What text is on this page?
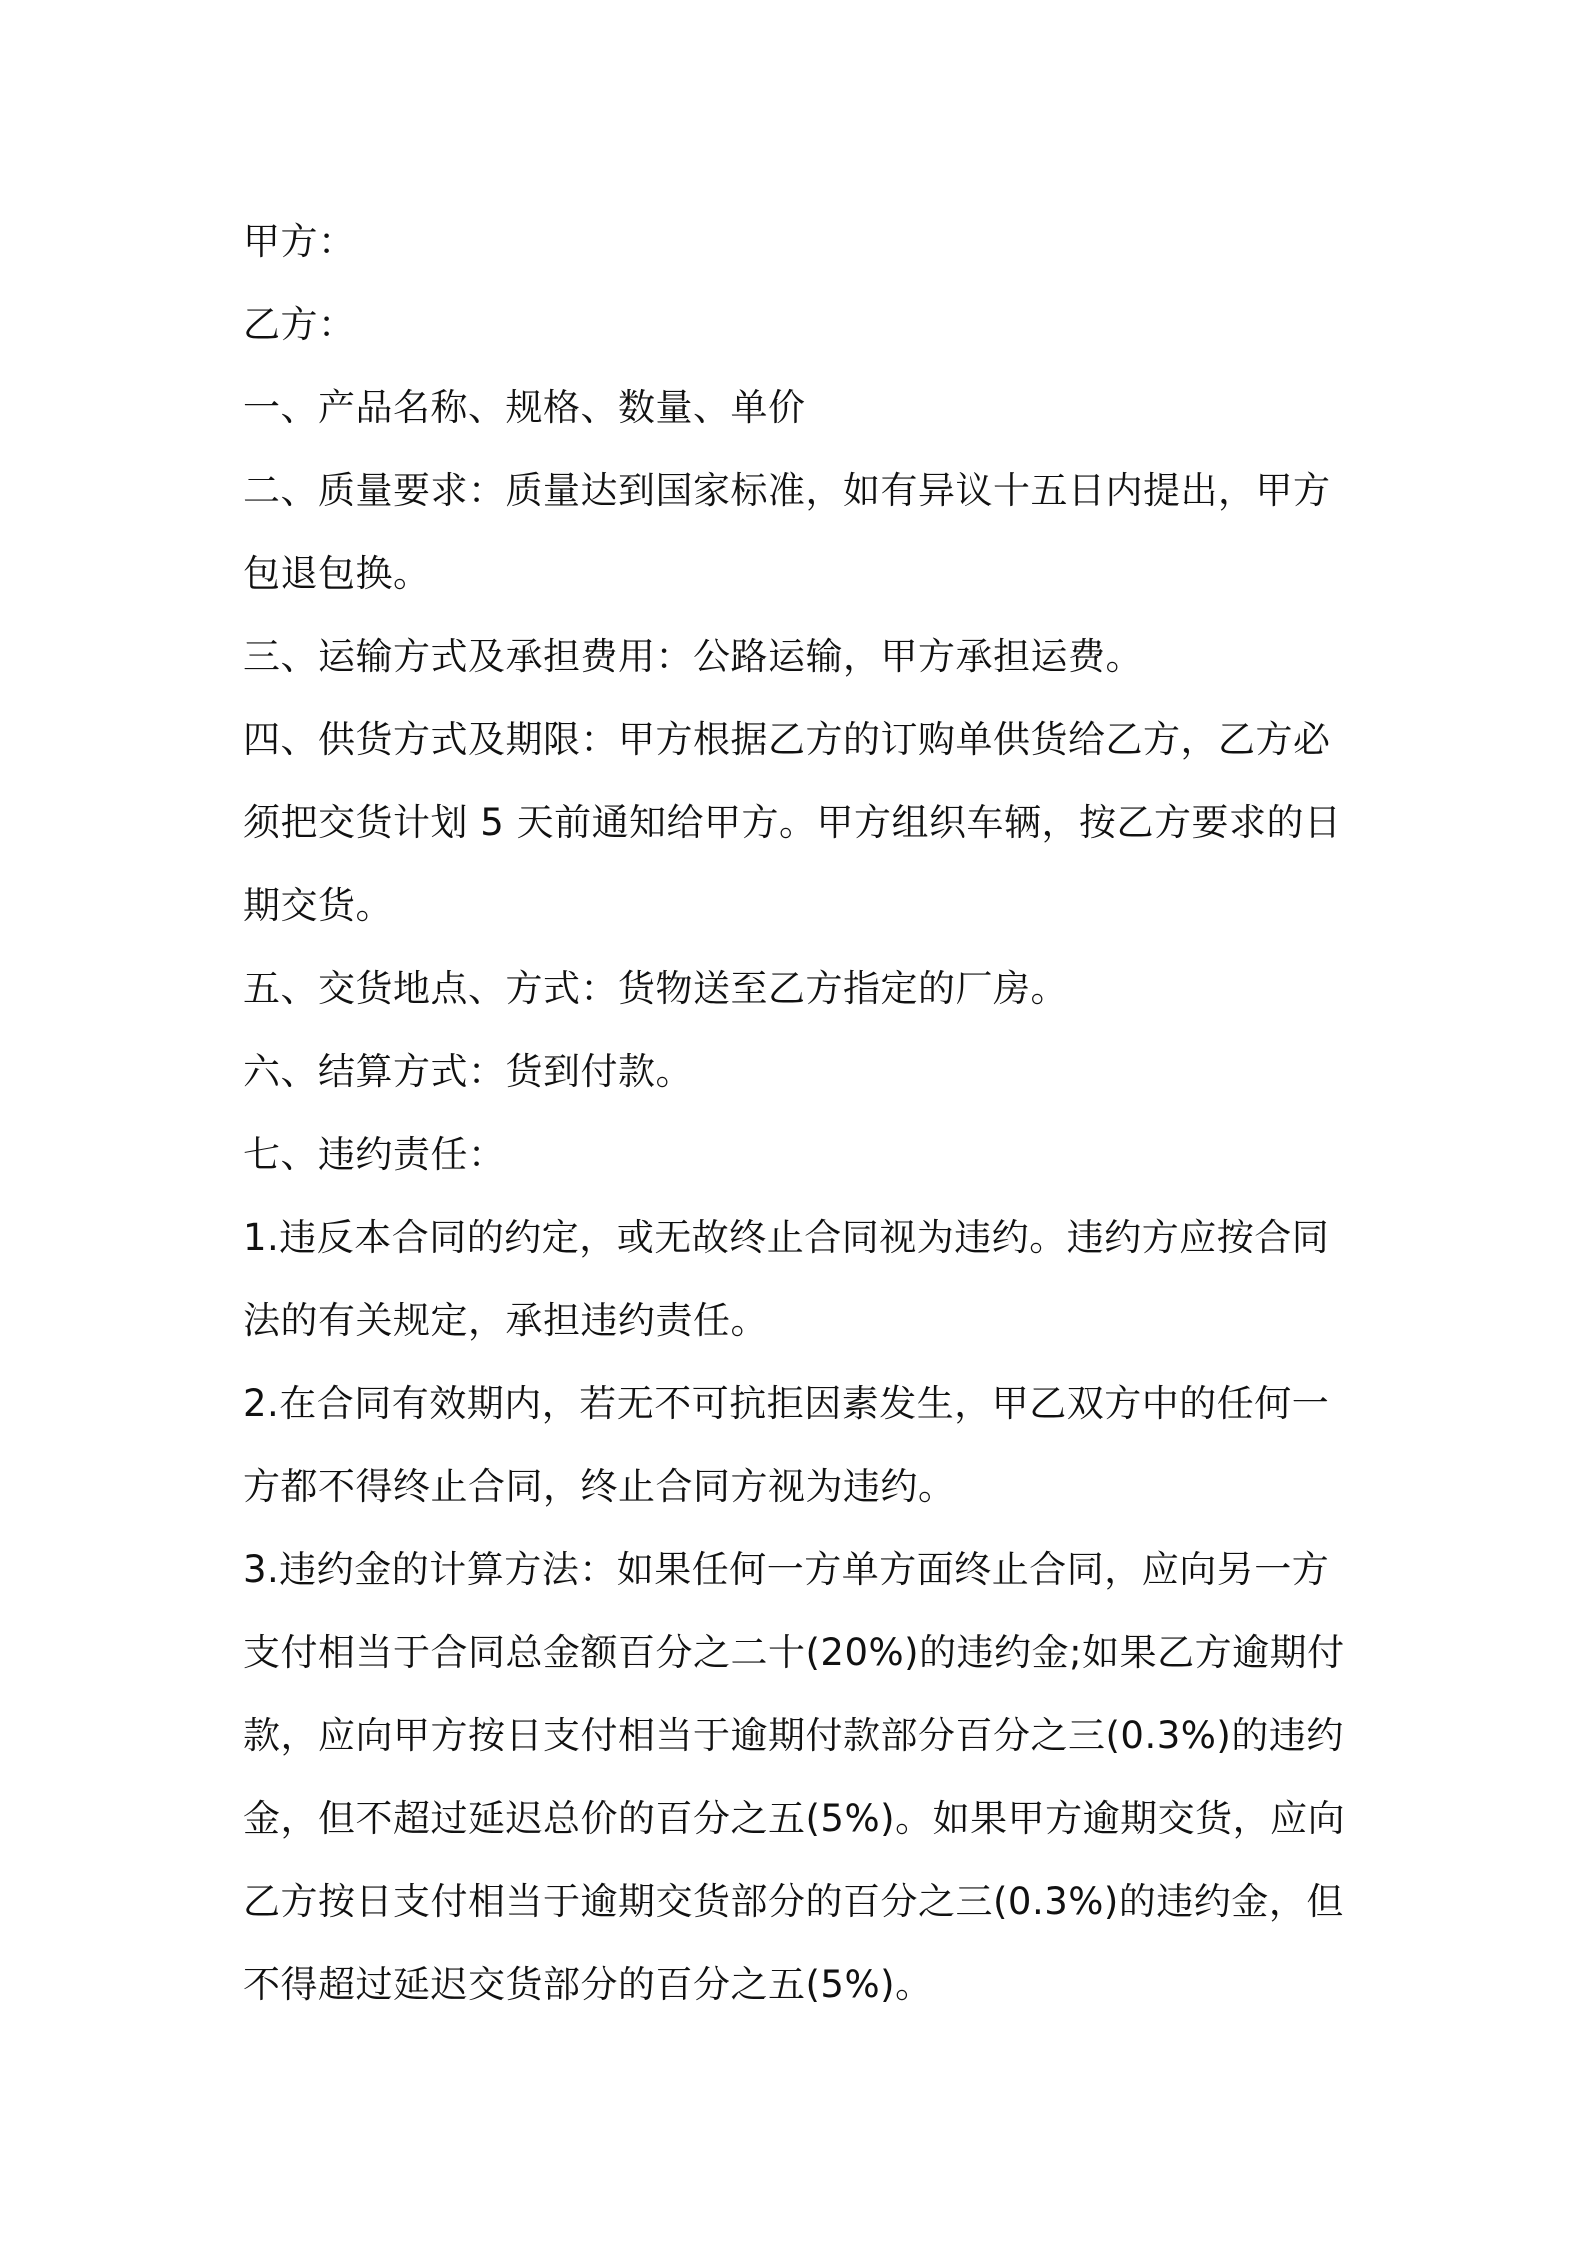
甲方：

乙方：

一、产品名称、规格、数量、单价

二、质量要求：质量达到国家标准，如有异议十五日内提出，甲方包退包换。

三、运输方式及承担费用：公路运输，甲方承担运费。

四、供货方式及期限：甲方根据乙方的订购单供货给乙方，乙方必须把交货计划 5 天前通知给甲方。甲方组织车辆，按乙方要求的日期交货。

五、交货地点、方式：货物送至乙方指定的厂房。

六、结算方式：货到付款。

七、违约责任：

1.违反本合同的约定，或无故终止合同视为违约。违约方应按合同法的有关规定，承担违约责任。

2.在合同有效期内，若无不可抗拒因素发生，甲乙双方中的任何一方都不得终止合同，终止合同方视为违约。

3.违约金的计算方法：如果任何一方单方面终止合同，应向另一方支付相当于合同总金额百分之二十(20%)的违约金;如果乙方逾期付款，应向甲方按日支付相当于逾期付款部分百分之三(0.3%)的违约金，但不超过延迟总价的百分之五(5%)。如果甲方逾期交货，应向乙方按日支付相当于逾期交货部分的百分之三(0.3%)的违约金，但不得超过延迟交货部分的百分之五(5%)。
